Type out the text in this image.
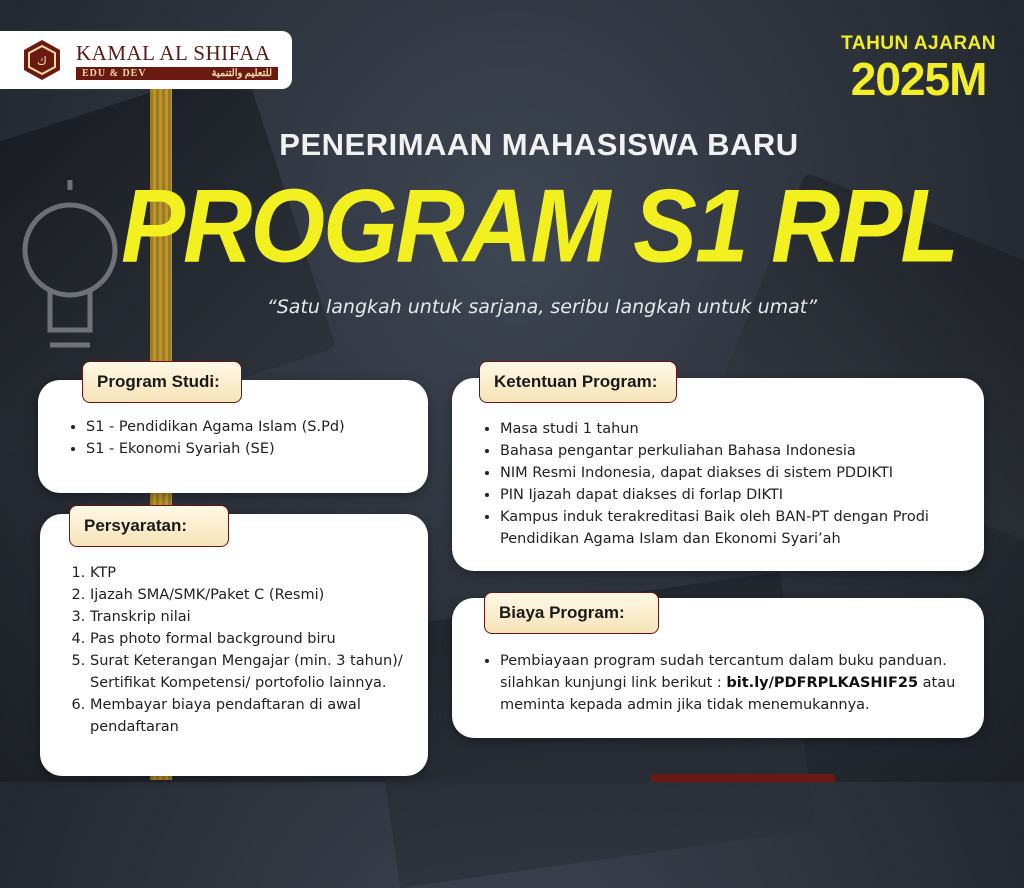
ك KAMAL AL SHIFAA
EDU & DEV	للتعليم والتنمية
TAHUN AJARAN
2025M
PENERIMAAN MAHASISWA BARU
PROGRAM S1 RPL
“Satu langkah untuk sarjana, seribu langkah untuk umat”
• S1 - Pendidikan Agama Islam (S.Pd)
• S1 - Ekonomi Syariah (SE)
Program Studi:
1. KTP
2. Ijazah SMA/SMK/Paket C (Resmi)
3. Transkrip nilai
4. Pas photo formal background biru
5. Surat Keterangan Mengajar (min. 3 tahun)/ Sertifikat Kompetensi/ portofolio lainnya.
6. Membayar biaya pendaftaran di awal pendaftaran
Persyaratan:
• Masa studi 1 tahun
• Bahasa pengantar perkuliahan Bahasa Indonesia
• NIM Resmi Indonesia, dapat diakses di sistem PDDIKTI
• PIN Ijazah dapat diakses di forlap DIKTI
• Kampus induk terakreditasi Baik oleh BAN-PT dengan Prodi Pendidikan Agama Islam dan Ekonomi Syari’ah
Ketentuan Program:
• Pembiayaan program sudah tercantum dalam buku panduan. silahkan kunjungi link berikut : bit.ly/PDFRPLKASHIF25 atau meminta kepada admin jika tidak menemukannya.
Biaya Program:
